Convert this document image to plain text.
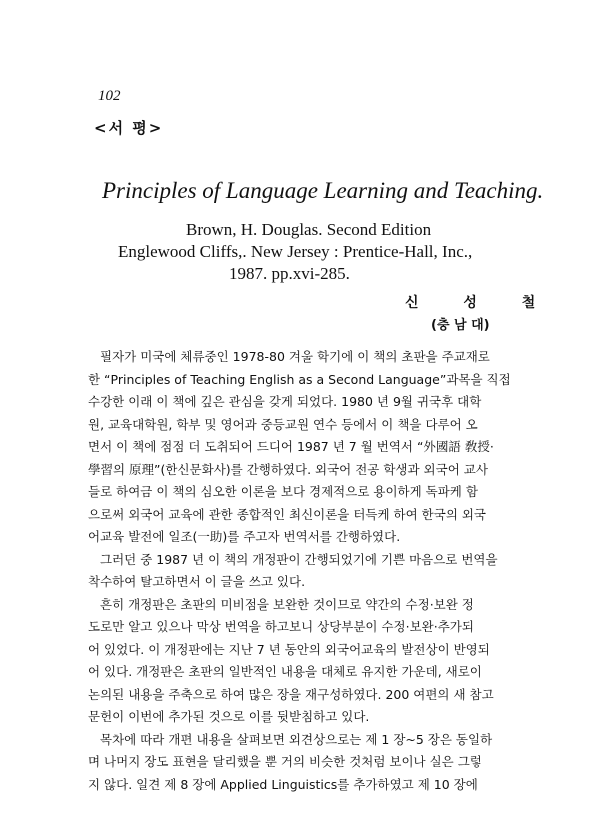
102
<서 평>
Principles of Language Learning and Teaching.
Brown, H. Douglas. Second Edition
Englewood Cliffs,. New Jersey : Prentice-Hall, Inc.,
1987. pp.xvi-285.
신 성 철
(충 남 대)
필자가 미국에 체류중인 1978-80 겨울 학기에 이 책의 초판을 주교재로
한 “Principles of Teaching English as a Second Language”과목을 직접
수강한 이래 이 책에 깊은 관심을 갖게 되었다. 1980 년 9월 귀국후 대학
원, 교육대학원, 학부 및 영어과 중등교원 연수 등에서 이 책을 다루어 오
면서 이 책에 점점 더 도취되어 드디어 1987 년 7 월 번역서 “外國語 敎授·
學習의 原理”(한신문화사)를 간행하였다. 외국어 전공 학생과 외국어 교사
들로 하여금 이 책의 심오한 이론을 보다 경제적으로 용이하게 독파케 함
으로써 외국어 교육에 관한 종합적인 최신이론을 터득케 하여 한국의 외국
어교육 발전에 일조(一助)를 주고자 번역서를 간행하였다.
그러던 중 1987 년 이 책의 개정판이 간행되었기에 기쁜 마음으로 번역을
착수하여 탈고하면서 이 글을 쓰고 있다.
흔히 개정판은 초판의 미비점을 보완한 것이므로 약간의 수정·보완 정
도로만 알고 있으나 막상 번역을 하고보니 상당부분이 수정·보완·추가되
어 있었다. 이 개정판에는 지난 7 년 동안의 외국어교육의 발전상이 반영되
어 있다. 개정판은 초판의 일반적인 내용을 대체로 유지한 가운데, 새로이
논의된 내용을 주축으로 하여 많은 장을 재구성하였다. 200 여편의 새 참고
문헌이 이번에 추가된 것으로 이를 뒷받침하고 있다.
목차에 따라 개편 내용을 살펴보면 외견상으로는 제 1 장~5 장은 동일하
며 나머지 장도 표현을 달리했을 뿐 거의 비슷한 것처럼 보이나 실은 그렇
지 않다. 일견 제 8 장에 Applied Linguistics를 추가하였고 제 10 장에
